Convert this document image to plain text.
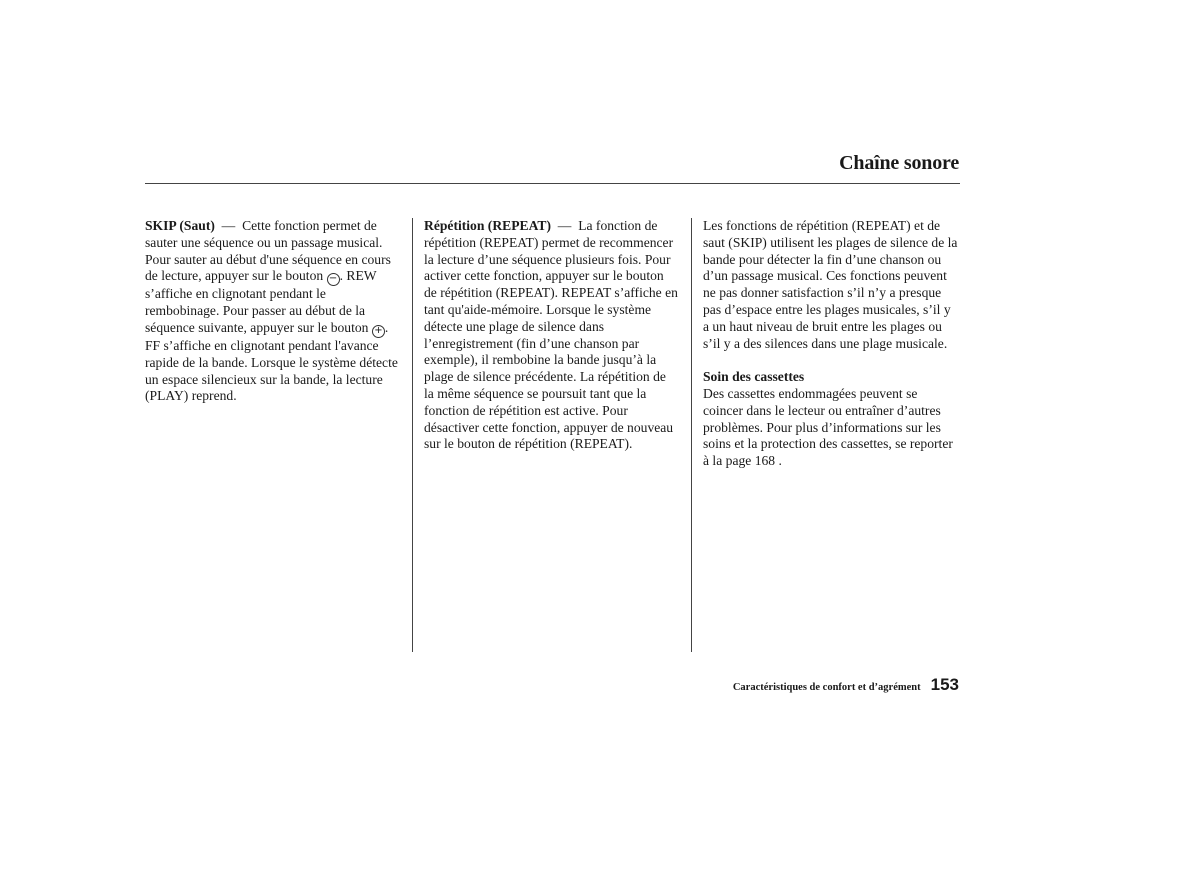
Chaîne sonore

SKIP (Saut) — Cette fonction permet de sauter une séquence ou un passage musical. Pour sauter au début d'une séquence en cours de lecture, appuyer sur le bouton − . REW s’affiche en clignotant pendant le rembobinage. Pour passer au début de la séquence suivante, appuyer sur le bouton + . FF s’affiche en clignotant pendant l'avance rapide de la bande. Lorsque le système détecte un espace silencieux sur la bande, la lecture (PLAY) reprend.

Répétition (REPEAT) — La fonction de répétition (REPEAT) permet de recommencer la lecture d’une séquence plusieurs fois. Pour activer cette fonction, appuyer sur le bouton de répétition (REPEAT). REPEAT s’affiche en tant qu'aide-mémoire. Lorsque le système détecte une plage de silence dans l’enregistrement (fin d’une chanson par exemple), il rembobine la bande jusqu’à la plage de silence précédente. La répétition de la même séquence se poursuit tant que la fonction de répétition est active. Pour désactiver cette fonction, appuyer de nouveau sur le bouton de répétition (REPEAT).

Les fonctions de répétition (REPEAT) et de saut (SKIP) utilisent les plages de silence de la bande pour détecter la fin d’une chanson ou d’un passage musical. Ces fonctions peuvent ne pas donner satisfaction s’il n’y a presque pas d’espace entre les plages musicales, s’il y a un haut niveau de bruit entre les plages ou s’il y a des silences dans une plage musicale.

Soin des cassettes

Des cassettes endommagées peuvent se coincer dans le lecteur ou entraîner d’autres problèmes. Pour plus d’informations sur les soins et la protection des cassettes, se reporter à la page 168 .

Caractéristiques de confort et d’agrément 153
